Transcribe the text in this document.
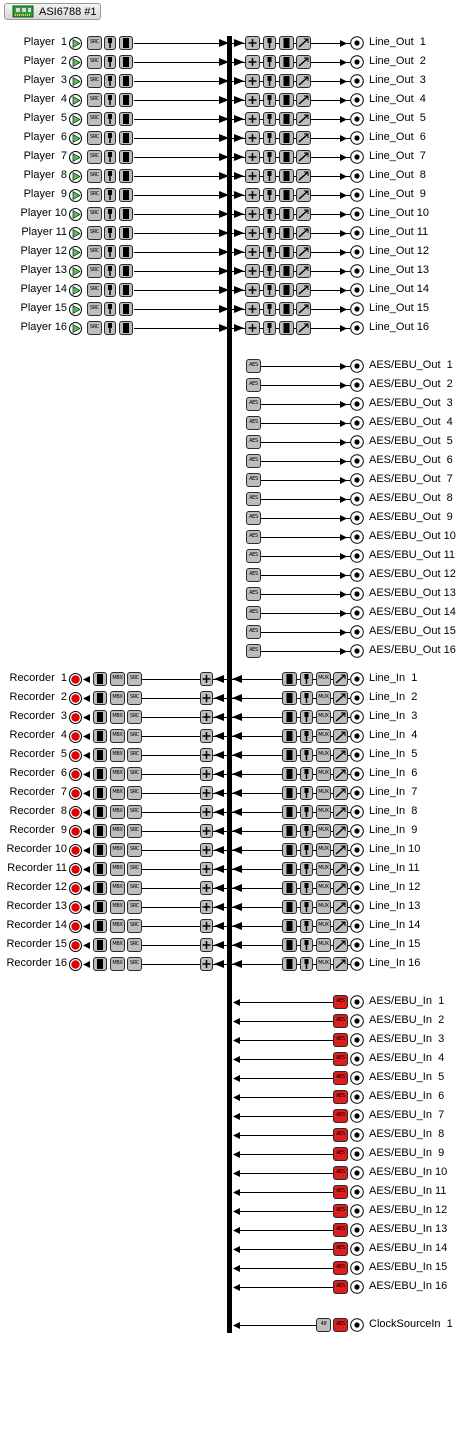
ASI6788 #1
Player  1	SRC	Line_Out  1
Player  2	SRC	Line_Out  2
Player  3	SRC	Line_Out  3
Player  4	SRC	Line_Out  4
Player  5	SRC	Line_Out  5
Player  6	SRC	Line_Out  6
Player  7	SRC	Line_Out  7
Player  8	SRC	Line_Out  8
Player  9	SRC	Line_Out  9
Player 10	SRC	Line_Out 10
Player 11	SRC	Line_Out 11
Player 12	SRC	Line_Out 12
Player 13	SRC	Line_Out 13
Player 14	SRC	Line_Out 14
Player 15	SRC	Line_Out 15
Player 16	SRC	Line_Out 16
AES	AES/EBU_Out  1
AES	AES/EBU_Out  2
AES	AES/EBU_Out  3
AES	AES/EBU_Out  4
AES	AES/EBU_Out  5
AES	AES/EBU_Out  6
AES	AES/EBU_Out  7
AES	AES/EBU_Out  8
AES	AES/EBU_Out  9
AES	AES/EBU_Out 10
AES	AES/EBU_Out 11
AES	AES/EBU_Out 12
AES	AES/EBU_Out 13
AES	AES/EBU_Out 14
AES	AES/EBU_Out 15
AES	AES/EBU_Out 16
Recorder  1	MBX	SRC	MUX	Line_In  1
Recorder  2	MBX	SRC	MUX	Line_In  2
Recorder  3	MBX	SRC	MUX	Line_In  3
Recorder  4	MBX	SRC	MUX	Line_In  4
Recorder  5	MBX	SRC	MUX	Line_In  5
Recorder  6	MBX	SRC	MUX	Line_In  6
Recorder  7	MBX	SRC	MUX	Line_In  7
Recorder  8	MBX	SRC	MUX	Line_In  8
Recorder  9	MBX	SRC	MUX	Line_In  9
Recorder 10	MBX	SRC	MUX	Line_In 10
Recorder 11	MBX	SRC	MUX	Line_In 11
Recorder 12	MBX	SRC	MUX	Line_In 12
Recorder 13	MBX	SRC	MUX	Line_In 13
Recorder 14	MBX	SRC	MUX	Line_In 14
Recorder 15	MBX	SRC	MUX	Line_In 15
Recorder 16	MBX	SRC	MUX	Line_In 16
AES AES/EBU_In  1
AES AES/EBU_In  2
AES AES/EBU_In  3
AES AES/EBU_In  4
AES AES/EBU_In  5
AES AES/EBU_In  6
AES AES/EBU_In  7
AES AES/EBU_In  8
AES AES/EBU_In  9
AES AES/EBU_In 10
AES AES/EBU_In 11
AES AES/EBU_In 12
AES AES/EBU_In 13
AES AES/EBU_In 14
AES AES/EBU_In 15
AES AES/EBU_In 16
48	AES ClockSourceIn  1
